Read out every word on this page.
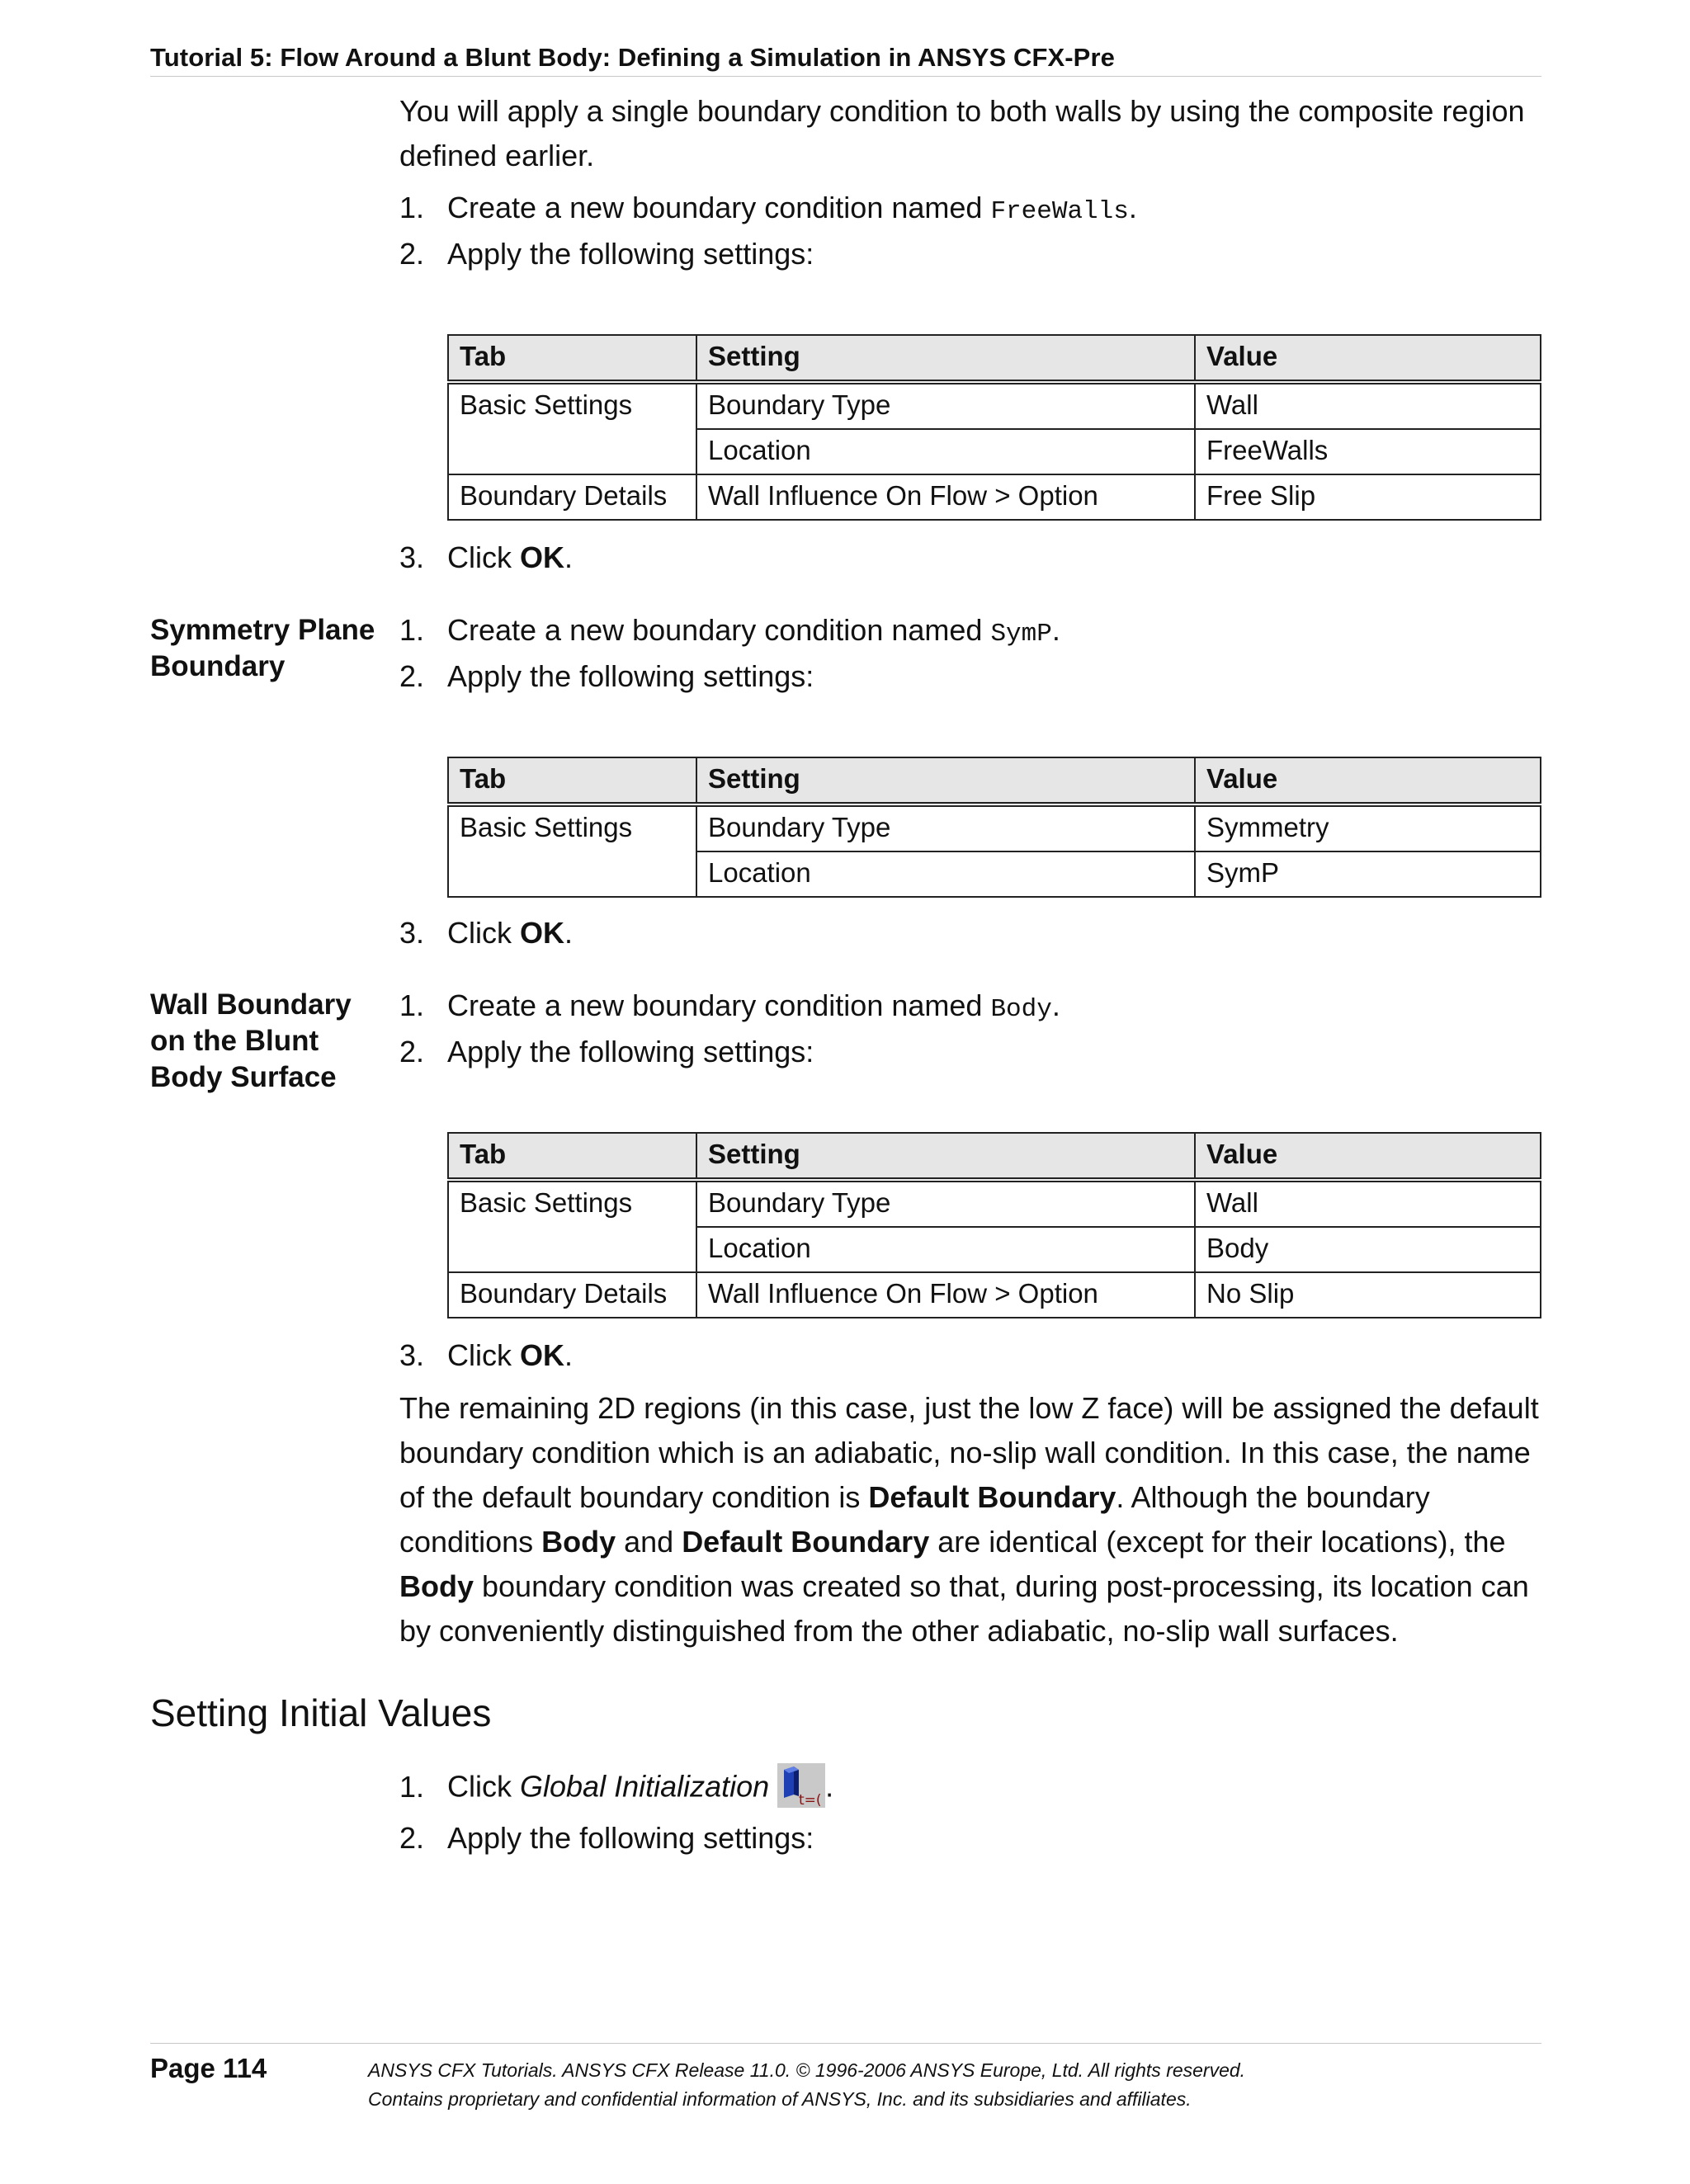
Tutorial 5: Flow Around a Blunt Body: Defining a Simulation in ANSYS CFX-Pre
You will apply a single boundary condition to both walls by using the composite region defined earlier.
1. Create a new boundary condition named FreeWalls.
2. Apply the following settings:
Tab	Setting	Value
Basic Settings	Boundary Type	Wall
	Location	FreeWalls
Boundary Details	Wall Influence On Flow > Option	Free Slip
3. Click OK.
Symmetry Plane
Boundary
1. Create a new boundary condition named SymP.
2. Apply the following settings:
Tab	Setting	Value
Basic Settings	Boundary Type	Symmetry
	Location	SymP
3. Click OK.
Wall Boundary
on the Blunt
Body Surface
1. Create a new boundary condition named Body.
2. Apply the following settings:
Tab	Setting	Value
Basic Settings	Boundary Type	Wall
	Location	Body
Boundary Details	Wall Influence On Flow > Option	No Slip
3. Click OK.
The remaining 2D regions (in this case, just the low Z face) will be assigned the default boundary condition which is an adiabatic, no-slip wall condition. In this case, the name of the default boundary condition is Default Boundary. Although the boundary conditions Body and Default Boundary are identical (except for their locations), the Body boundary condition was created so that, during post-processing, its location can by conveniently distinguished from the other adiabatic, no-slip wall surfaces.
Setting Initial Values
1. Click Global Initialization t=( .
2. Apply the following settings:
Page 114	ANSYS CFX Tutorials. ANSYS CFX Release 11.0. © 1996-2006 ANSYS Europe, Ltd. All rights reserved.
Contains proprietary and confidential information of ANSYS, Inc. and its subsidiaries and affiliates.
